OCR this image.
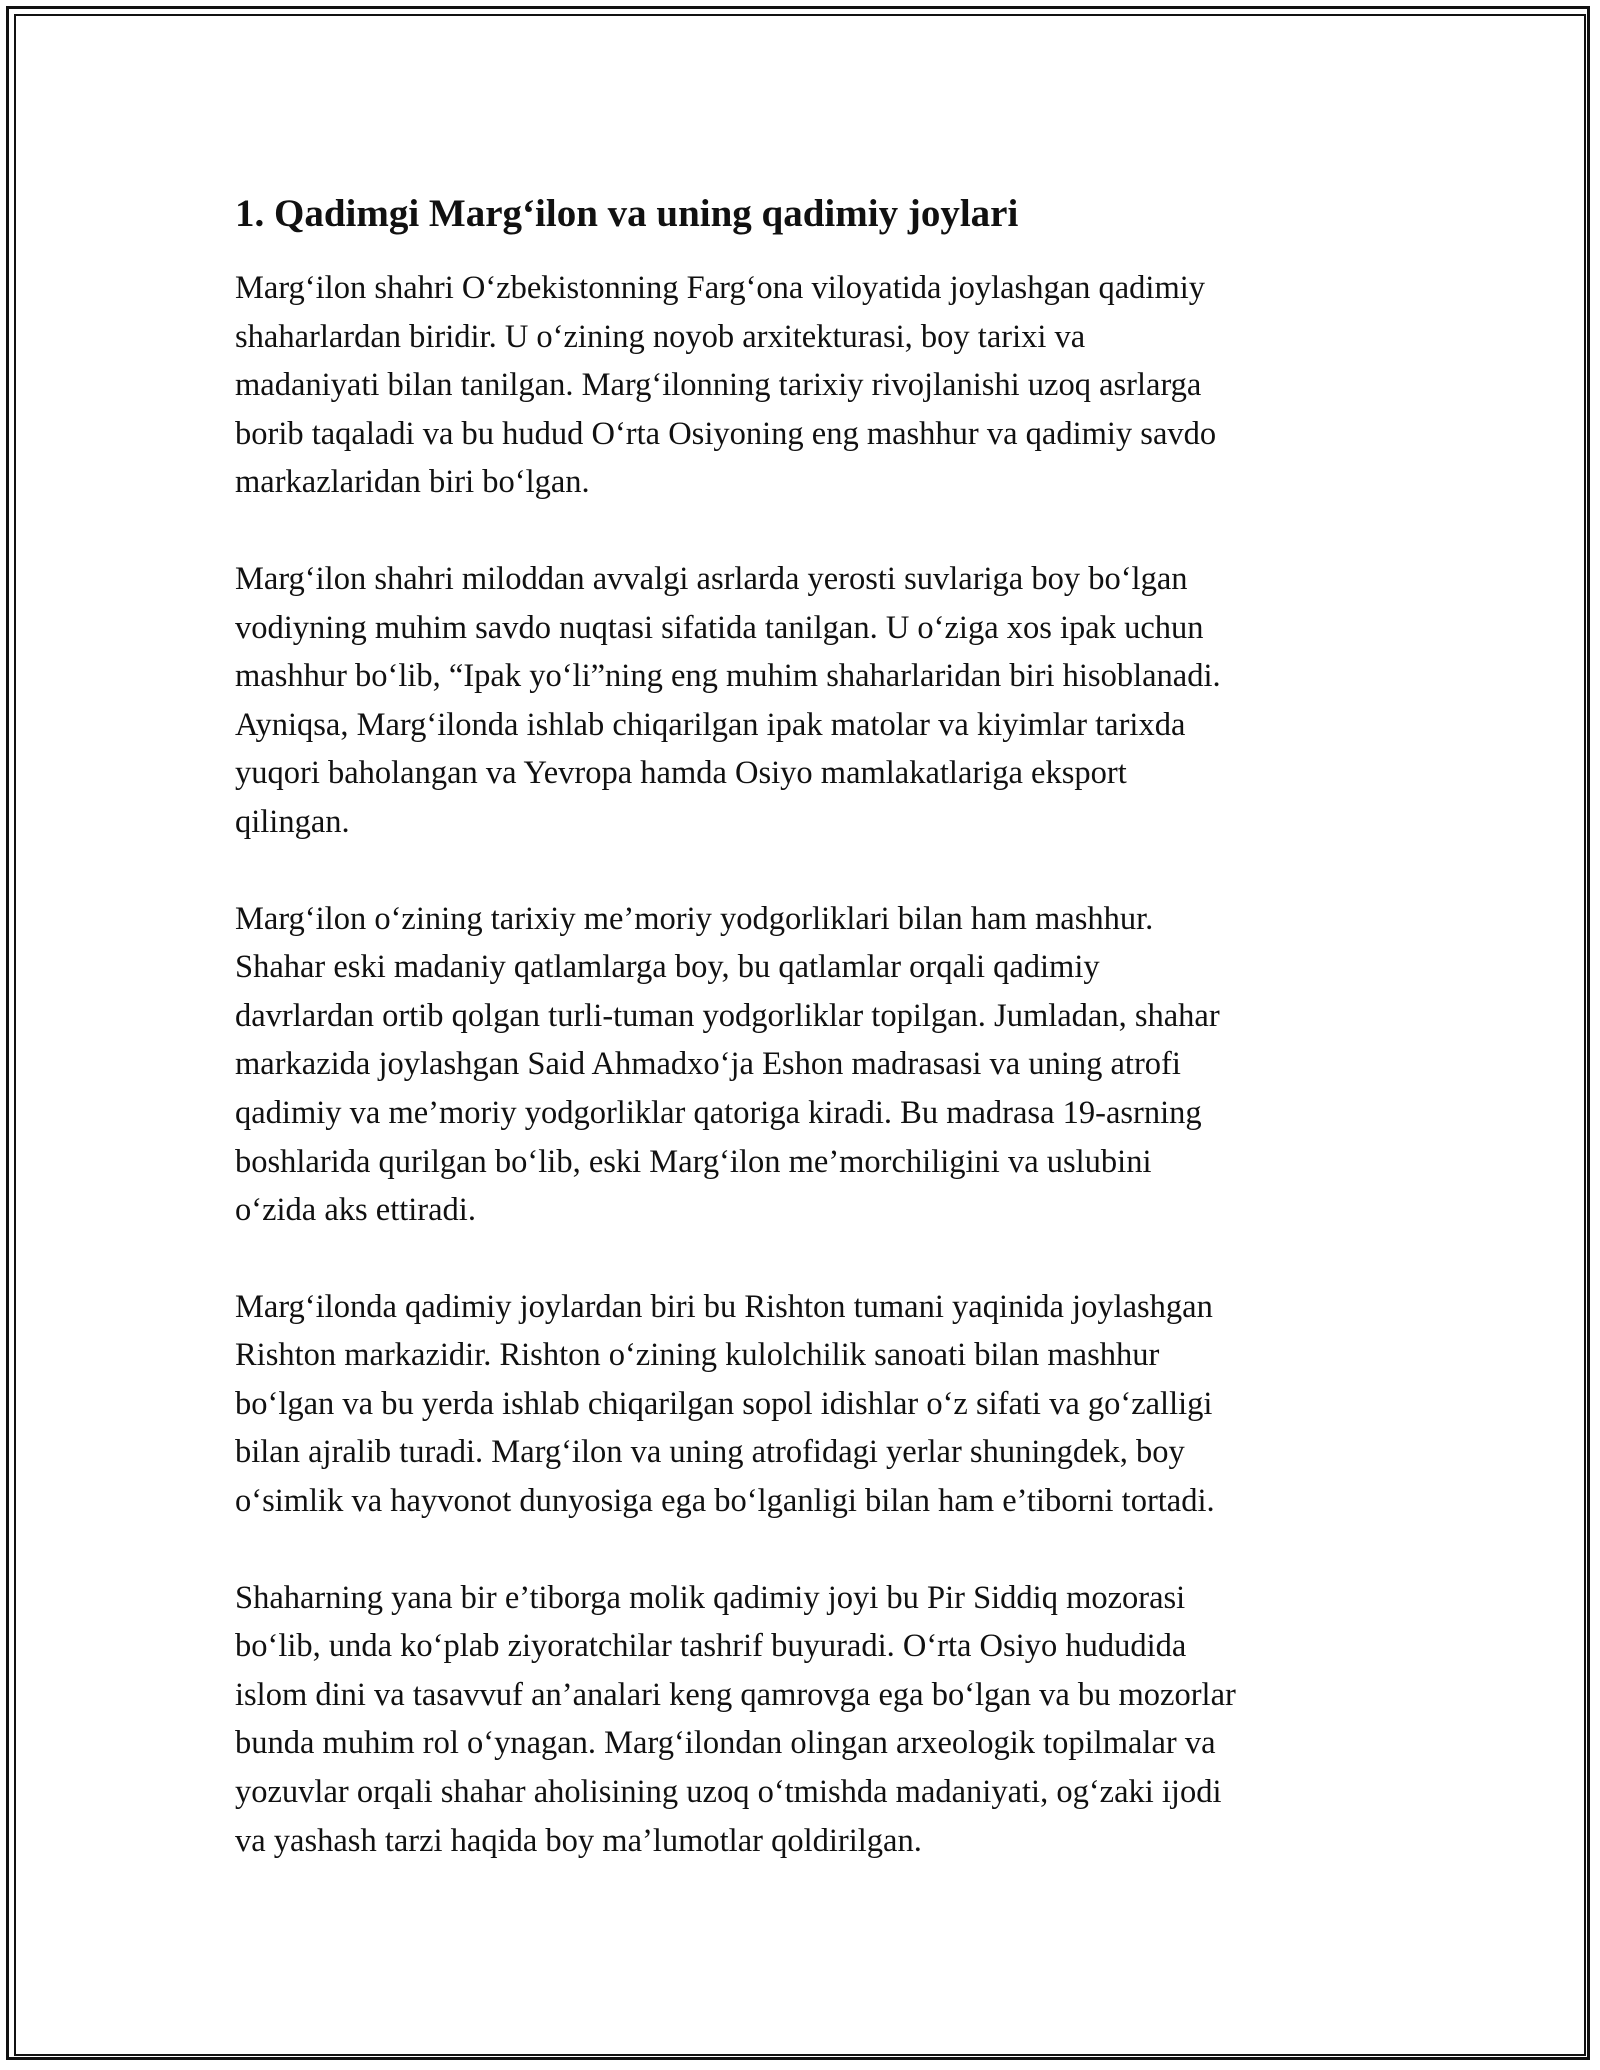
1. Qadimgi Marg‘ilon va uning qadimiy joylari

Marg‘ilon shahri O‘zbekistonning Farg‘ona viloyatida joylashgan qadimiy
shaharlardan biridir. U o‘zining noyob arxitekturasi, boy tarixi va
madaniyati bilan tanilgan. Marg‘ilonning tarixiy rivojlanishi uzoq asrlarga
borib taqaladi va bu hudud O‘rta Osiyoning eng mashhur va qadimiy savdo
markazlaridan biri bo‘lgan.

Marg‘ilon shahri miloddan avvalgi asrlarda yerosti suvlariga boy bo‘lgan
vodiyning muhim savdo nuqtasi sifatida tanilgan. U o‘ziga xos ipak uchun
mashhur bo‘lib, “Ipak yo‘li”ning eng muhim shaharlaridan biri hisoblanadi.
Ayniqsa, Marg‘ilonda ishlab chiqarilgan ipak matolar va kiyimlar tarixda
yuqori baholangan va Yevropa hamda Osiyo mamlakatlariga eksport
qilingan.

Marg‘ilon o‘zining tarixiy me’moriy yodgorliklari bilan ham mashhur.
Shahar eski madaniy qatlamlarga boy, bu qatlamlar orqali qadimiy
davrlardan ortib qolgan turli-tuman yodgorliklar topilgan. Jumladan, shahar
markazida joylashgan Said Ahmadxo‘ja Eshon madrasasi va uning atrofi
qadimiy va me’moriy yodgorliklar qatoriga kiradi. Bu madrasa 19-asrning
boshlarida qurilgan bo‘lib, eski Marg‘ilon me’morchiligini va uslubini
o‘zida aks ettiradi.

Marg‘ilonda qadimiy joylardan biri bu Rishton tumani yaqinida joylashgan
Rishton markazidir. Rishton o‘zining kulolchilik sanoati bilan mashhur
bo‘lgan va bu yerda ishlab chiqarilgan sopol idishlar o‘z sifati va go‘zalligi
bilan ajralib turadi. Marg‘ilon va uning atrofidagi yerlar shuningdek, boy
o‘simlik va hayvonot dunyosiga ega bo‘lganligi bilan ham e’tiborni tortadi.

Shaharning yana bir e’tiborga molik qadimiy joyi bu Pir Siddiq mozorasi
bo‘lib, unda ko‘plab ziyoratchilar tashrif buyuradi. O‘rta Osiyo hududida
islom dini va tasavvuf an’analari keng qamrovga ega bo‘lgan va bu mozorlar
bunda muhim rol o‘ynagan. Marg‘ilondan olingan arxeologik topilmalar va
yozuvlar orqali shahar aholisining uzoq o‘tmishda madaniyati, og‘zaki ijodi
va yashash tarzi haqida boy ma’lumotlar qoldirilgan.
